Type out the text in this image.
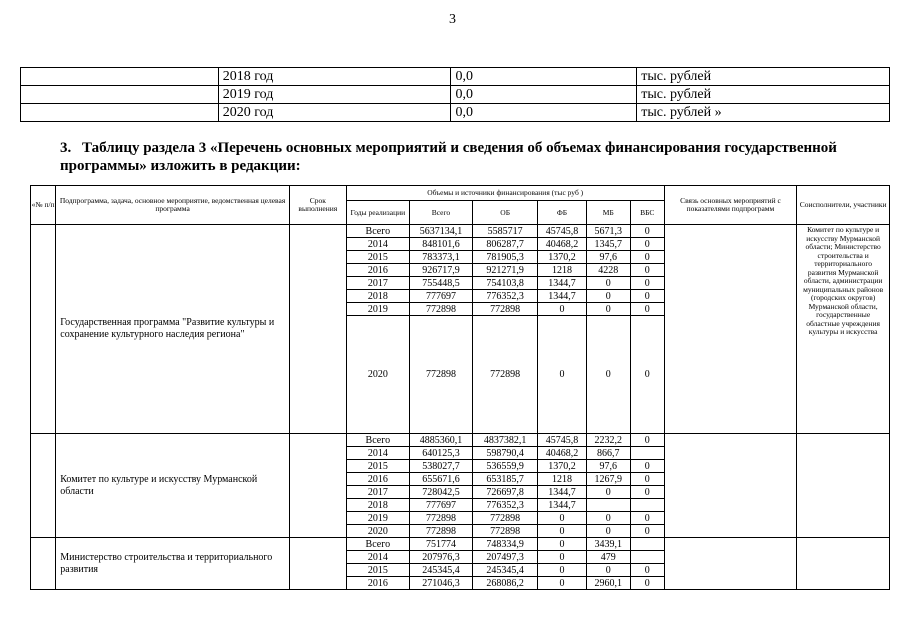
3
	2018 год	0,0	тыс. рублей
	2019 год	0,0	тыс. рублей
	2020 год	0,0	тыс. рублей »
3. Таблицу раздела 3 «Перечень основных мероприятий и сведения об объемах финансирования государственной программы» изложить в редакции:
«№ п/п	Подпрограмма, задача, основное мероприятие, ведомственная целевая программа	Срок выполнения	Объемы и источники финансирования (тыс руб )						Связь основных мероприятий с показателями подпрограмм	Соисполнители, участники
			Годы реализации	Всего	ОБ	ФБ	МБ	ВБС		
	Государственная программа "Развитие культуры и сохранение культурного наследия региона"		Всего	5637134,1	5585717	45745,8	5671,3	0		Комитет по культуре и искусству Мурманской области; Министерство строительства и территориального развития Мурманской области, администрации муниципальных районов (городских округов) Мурманской области, государственные областные учреждения культуры и искусства
			2014	848101,6	806287,7	40468,2	1345,7	0		
			2015	783373,1	781905,3	1370,2	97,6	0		
			2016	926717,9	921271,9	1218	4228	0		
			2017	755448,5	754103,8	1344,7	0	0		
			2018	777697	776352,3	1344,7	0	0		
			2019	772898	772898	0	0	0		
			2020	772898	772898	0	0	0		
	Комитет по культуре и искусству Мурманской области		Всего	4885360,1	4837382,1	45745,8	2232,2	0		
			2014	640125,3	598790,4	40468,2	866,7			
			2015	538027,7	536559,9	1370,2	97,6	0		
			2016	655671,6	653185,7	1218	1267,9	0		
			2017	728042,5	726697,8	1344,7	0	0		
			2018	777697	776352,3	1344,7				
			2019	772898	772898	0	0	0		
			2020	772898	772898	0	0	0		
	Министерство строительства и территориального развития		Всего	751774	748334,9	0	3439,1			
			2014	207976,3	207497,3	0	479			
			2015	245345,4	245345,4	0	0	0		
			2016	271046,3	268086,2	0	2960,1	0		
